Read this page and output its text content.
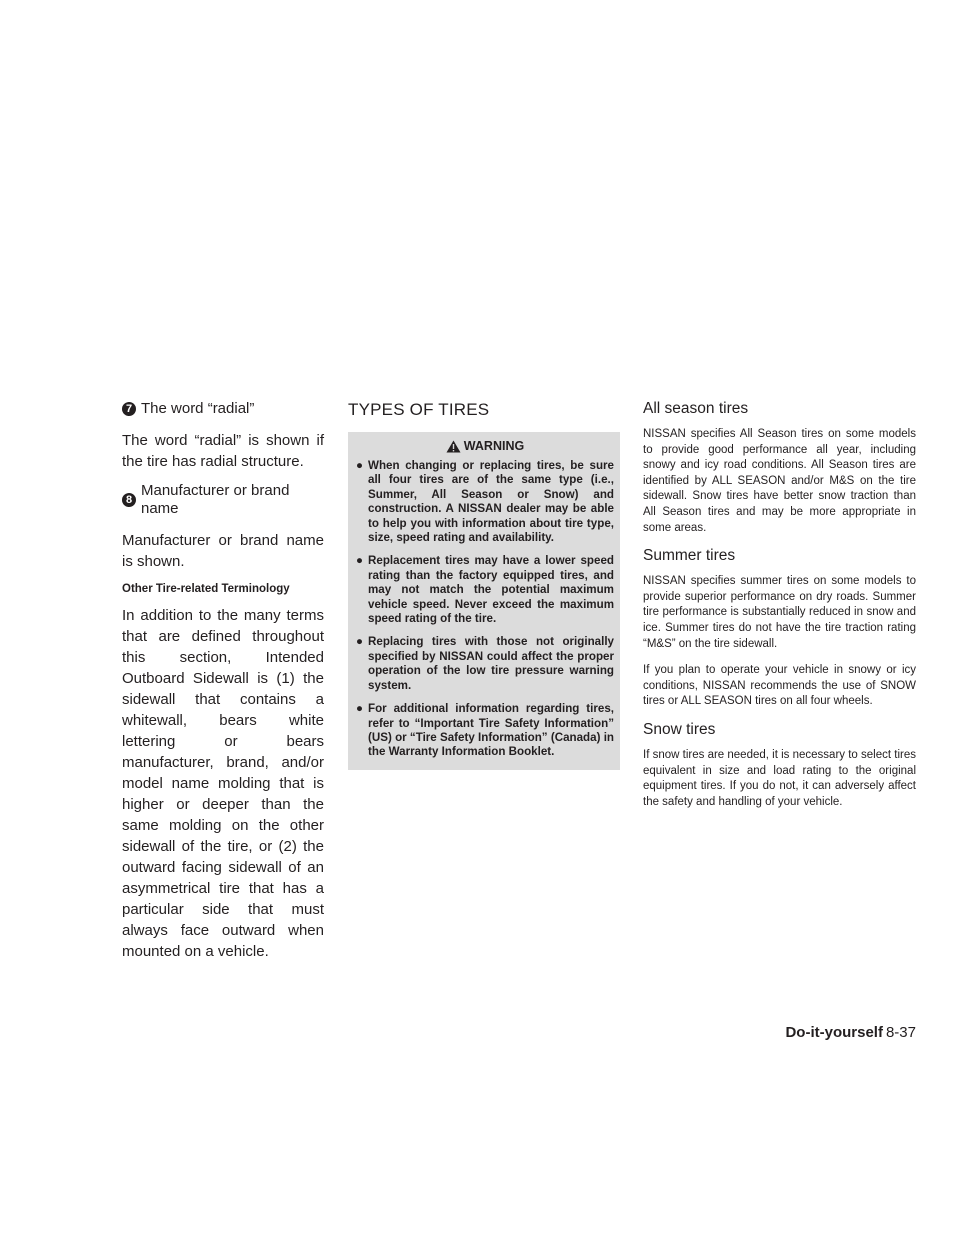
7 The word “radial”

The word “radial” is shown if the tire has radial structure.

8
Manufacturer or brand name

Manufacturer or brand name is shown.

Other Tire-related Terminology

In addition to the many terms that are defined throughout this section, Intended Outboard Sidewall is (1) the sidewall that contains a whitewall, bears white lettering or bears manufacturer, brand, and/or model name molding that is higher or deeper than the same molding on the other sidewall of the tire, or (2) the outward facing sidewall of an asymmetrical tire that has a particular side that must always face outward when mounted on a vehicle.

TYPES OF TIRES
WARNING
● When changing or replacing tires, be sure all four tires are of the same type (i.e., Summer, All Season or Snow) and construction. A NISSAN dealer may be able to help you with information about tire type, size, speed rating and availability.
● Replacement tires may have a lower speed rating than the factory equipped tires, and may not match the potential maximum vehicle speed. Never exceed the maximum speed rating of the tire.
● Replacing tires with those not originally specified by NISSAN could affect the proper operation of the low tire pressure warning system.
● For additional information regarding tires, refer to “Important Tire Safety Information” (US) or “Tire Safety Information” (Canada) in the Warranty Information Booklet.
All season tires

NISSAN specifies All Season tires on some models to provide good performance all year, including snowy and icy road conditions. All Season tires are identified by ALL SEASON and/or M&S on the tire sidewall. Snow tires have better snow traction than All Season tires and may be more appropriate in some areas.

Summer tires

NISSAN specifies summer tires on some models to provide superior performance on dry roads. Summer tire performance is substantially reduced in snow and ice. Summer tires do not have the tire traction rating “M&S” on the tire sidewall.

If you plan to operate your vehicle in snowy or icy conditions, NISSAN recommends the use of SNOW tires or ALL SEASON tires on all four wheels.

Snow tires

If snow tires are needed, it is necessary to select tires equivalent in size and load rating to the original equipment tires. If you do not, it can adversely affect the safety and handling of your vehicle.

Do-it-yourself 8-37
